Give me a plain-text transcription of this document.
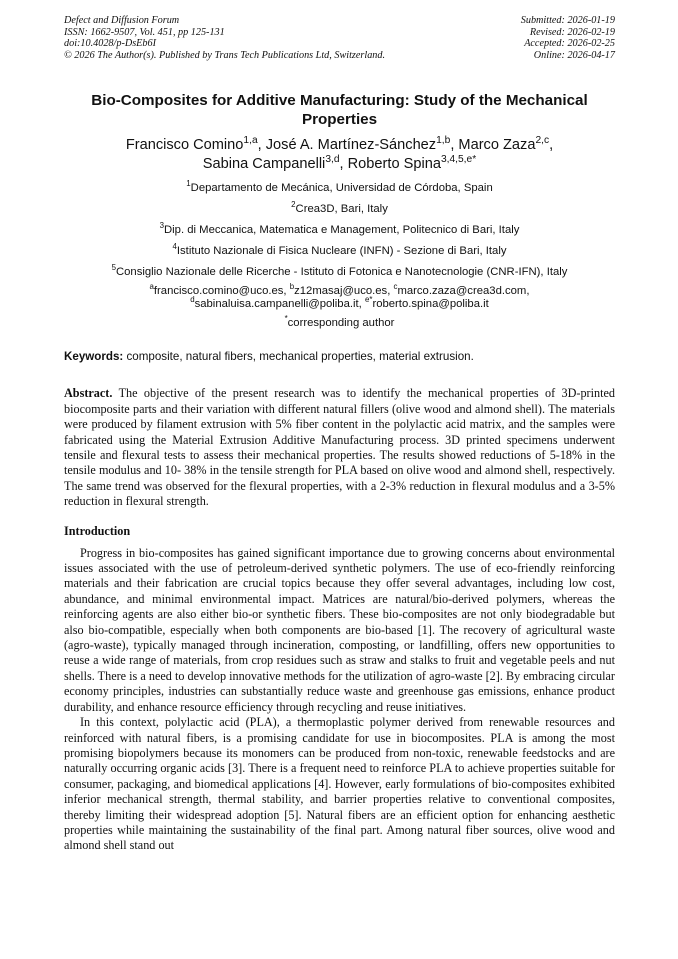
Defect and Diffusion Forum
ISSN: 1662-9507, Vol. 451, pp 125-131
doi:10.4028/p-DsEb6I
© 2026 The Author(s). Published by Trans Tech Publications Ltd, Switzerland.
Submitted: 2026-01-19
Revised: 2026-02-19
Accepted: 2026-02-25
Online: 2026-04-17
Bio-Composites for Additive Manufacturing: Study of the Mechanical Properties
Francisco Comino$^{1,a}$, José A. Martínez-Sánchez$^{1,b}$, Marco Zaza$^{2,c}$,
Sabina Campanelli$^{3,d}$, Roberto Spina$^{3,4,5,e*}$
$^1$Departamento de Mecánica, Universidad de Córdoba, Spain
$^2$Crea3D, Bari, Italy
$^3$Dip. di Meccanica, Matematica e Management, Politecnico di Bari, Italy
$^4$Istituto Nazionale di Fisica Nucleare (INFN) - Sezione di Bari, Italy
$^5$Consiglio Nazionale delle Ricerche - Istituto di Fotonica e Nanotecnologie (CNR-IFN), Italy
$^a$francisco.comino@uco.es, $^b$z12masaj@uco.es, $^c$marco.zaza@crea3d.com,
$^d$sabinaluisa.campanelli@poliba.it, $^{e*}$roberto.spina@poliba.it
*corresponding author
Keywords: composite, natural fibers, mechanical properties, material extrusion.
Abstract. The objective of the present research was to identify the mechanical properties of 3D-printed biocomposite parts and their variation with different natural fillers (olive wood and almond shell). The materials were produced by filament extrusion with 5% fiber content in the polylactic acid matrix, and the samples were fabricated using the Material Extrusion Additive Manufacturing process. 3D printed specimens underwent tensile and flexural tests to assess their mechanical properties. The results showed reductions of 5-18% in the tensile modulus and 10- 38% in the tensile strength for PLA based on olive wood and almond shell, respectively. The same trend was observed for the flexural properties, with a 2-3% reduction in flexural modulus and a 3-5% reduction in flexural strength.
Introduction
Progress in bio-composites has gained significant importance due to growing concerns about environmental issues associated with the use of petroleum-derived synthetic polymers. The use of eco-friendly reinforcing materials and their fabrication are crucial topics because they offer several advantages, including low cost, abundance, and minimal environmental impact. Matrices are natural/bio-derived polymers, whereas the reinforcing agents are also either bio-or synthetic fibers. These bio-composites are not only biodegradable but also bio-compatible, especially when both components are bio-based [1]. The recovery of agricultural waste (agro-waste), typically managed through incineration, composting, or landfilling, offers new opportunities to reuse a wide range of materials, from crop residues such as straw and stalks to fruit and vegetable peels and nut shells. There is a need to develop innovative methods for the utilization of agro-waste [2]. By embracing circular economy principles, industries can substantially reduce waste and greenhouse gas emissions, enhance product durability, and enhance resource efficiency through recycling and reuse initiatives.
In this context, polylactic acid (PLA), a thermoplastic polymer derived from renewable resources and reinforced with natural fibers, is a promising candidate for use in biocomposites. PLA is among the most promising biopolymers because its monomers can be produced from non-toxic, renewable feedstocks and are naturally occurring organic acids [3]. There is a frequent need to reinforce PLA to achieve properties suitable for consumer, packaging, and biomedical applications [4]. However, early formulations of bio-composites exhibited inferior mechanical strength, thermal stability, and barrier properties relative to conventional composites, thereby limiting their widespread adoption [5]. Natural fibers are an efficient option for enhancing aesthetic properties while maintaining the sustainability of the final part. Among natural fiber sources, olive wood and almond shell stand out
